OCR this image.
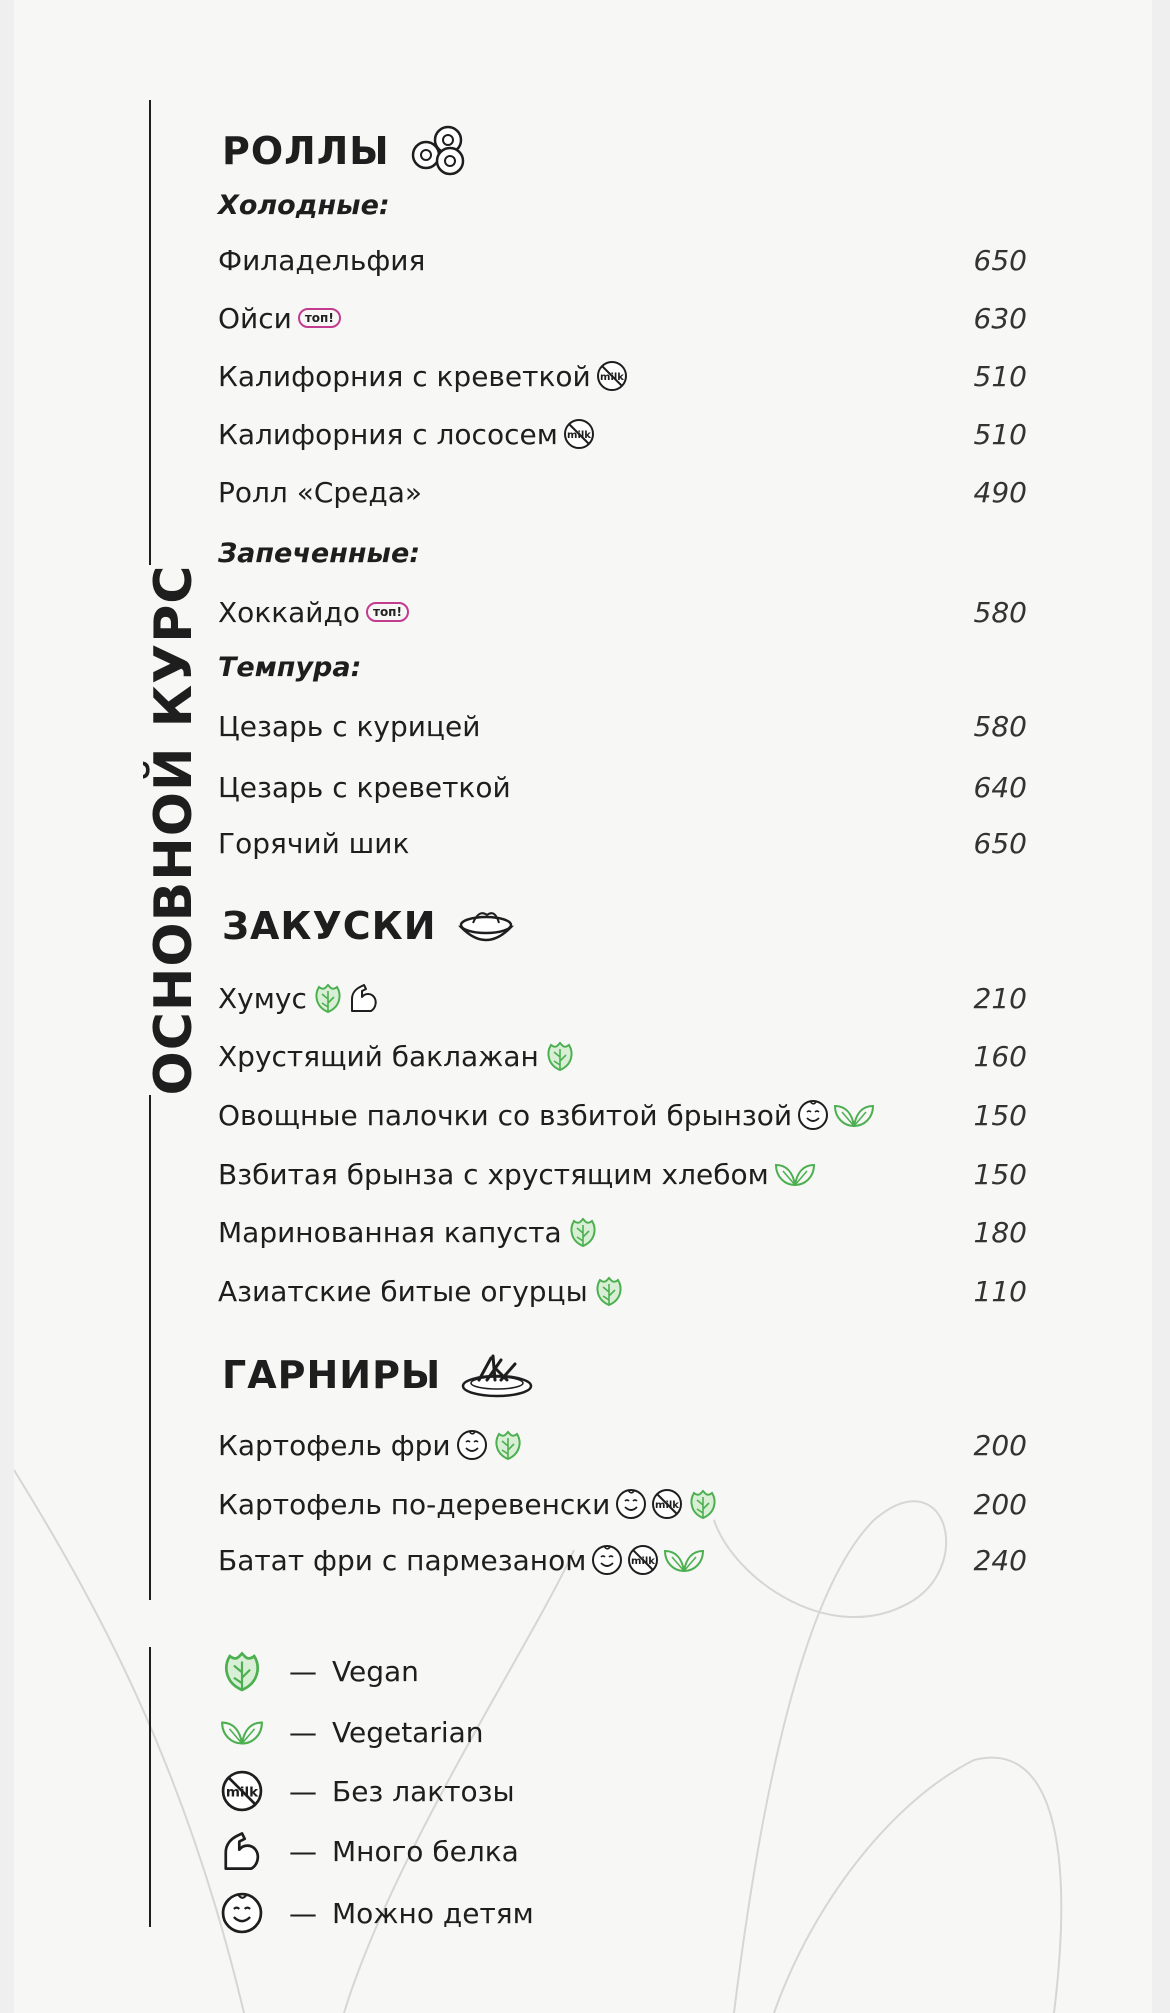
ОСНОВНОЙ КУРС
РОЛЛЫ
Холодные:
Запеченные:
Темпура:
ЗАКУСКИ
ГАРНИРЫ
Филадельфия	650
Ойси	топ!	630
Калифорния с креветкой milk	510
Калифорния с лососем milk	510
Ролл «Среда»	490
Хоккайдо	топ!	580
Цезарь с курицей	580
Цезарь с креветкой	640
Горячий шик	650
Хумус	210
Хрустящий баклажан	160
Овощные палочки со взбитой брынзой	150
Взбитая брынза с хрустящим хлебом	150
Маринованная капуста	180
Азиатские битые огурцы	110
Картофель фри	200
Картофель по-деревенски	milk	200
Батат фри с пармезаном	milk	240
— Vegan
— Vegetarian
milk	— Без лактозы
— Много белка
— Можно детям
